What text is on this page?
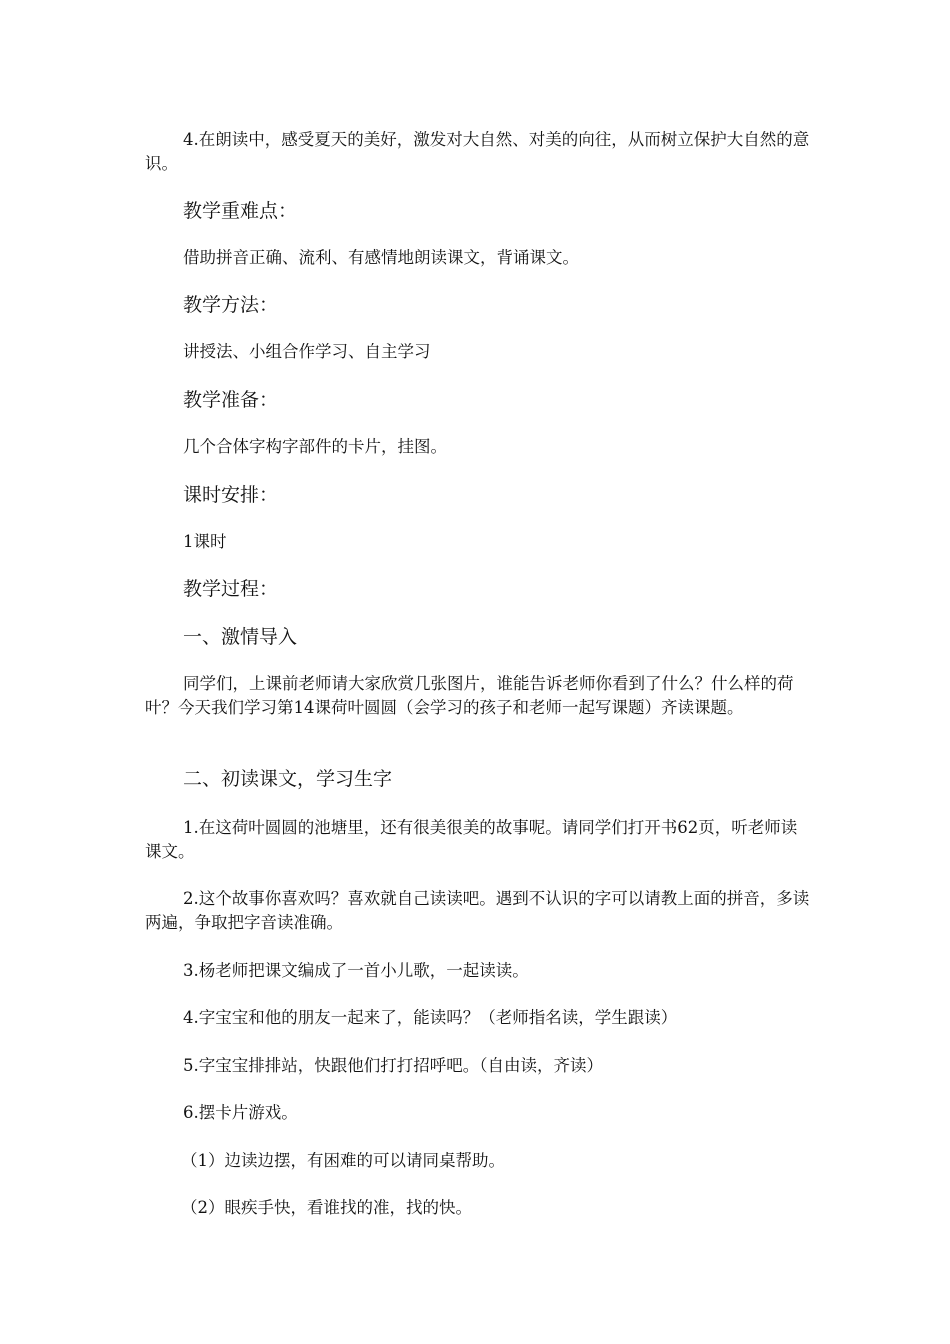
4.在朗读中，感受夏天的美好，激发对大自然、对美的向往，从而树立保护大自然的意识。

教学重难点：

借助拼音正确、流利、有感情地朗读课文，背诵课文。

教学方法：

讲授法、小组合作学习、自主学习

教学准备：

几个合体字构字部件的卡片，挂图。

课时安排：

1课时

教学过程：

一、激情导入

同学们，上课前老师请大家欣赏几张图片，谁能告诉老师你看到了什么？什么样的荷叶？今天我们学习第14课荷叶圆圆（会学习的孩子和老师一起写课题）齐读课题。

二、初读课文，学习生字

1.在这荷叶圆圆的池塘里，还有很美很美的故事呢。请同学们打开书62页，听老师读课文。

2.这个故事你喜欢吗？喜欢就自己读读吧。遇到不认识的字可以请教上面的拼音，多读两遍，争取把字音读准确。

3.杨老师把课文编成了一首小儿歌，一起读读。

4.字宝宝和他的朋友一起来了，能读吗？（老师指名读，学生跟读）

5.字宝宝排排站，快跟他们打打招呼吧。（自由读，齐读）

6.摆卡片游戏。

（1）边读边摆，有困难的可以请同桌帮助。

（2）眼疾手快，看谁找的准，找的快。
